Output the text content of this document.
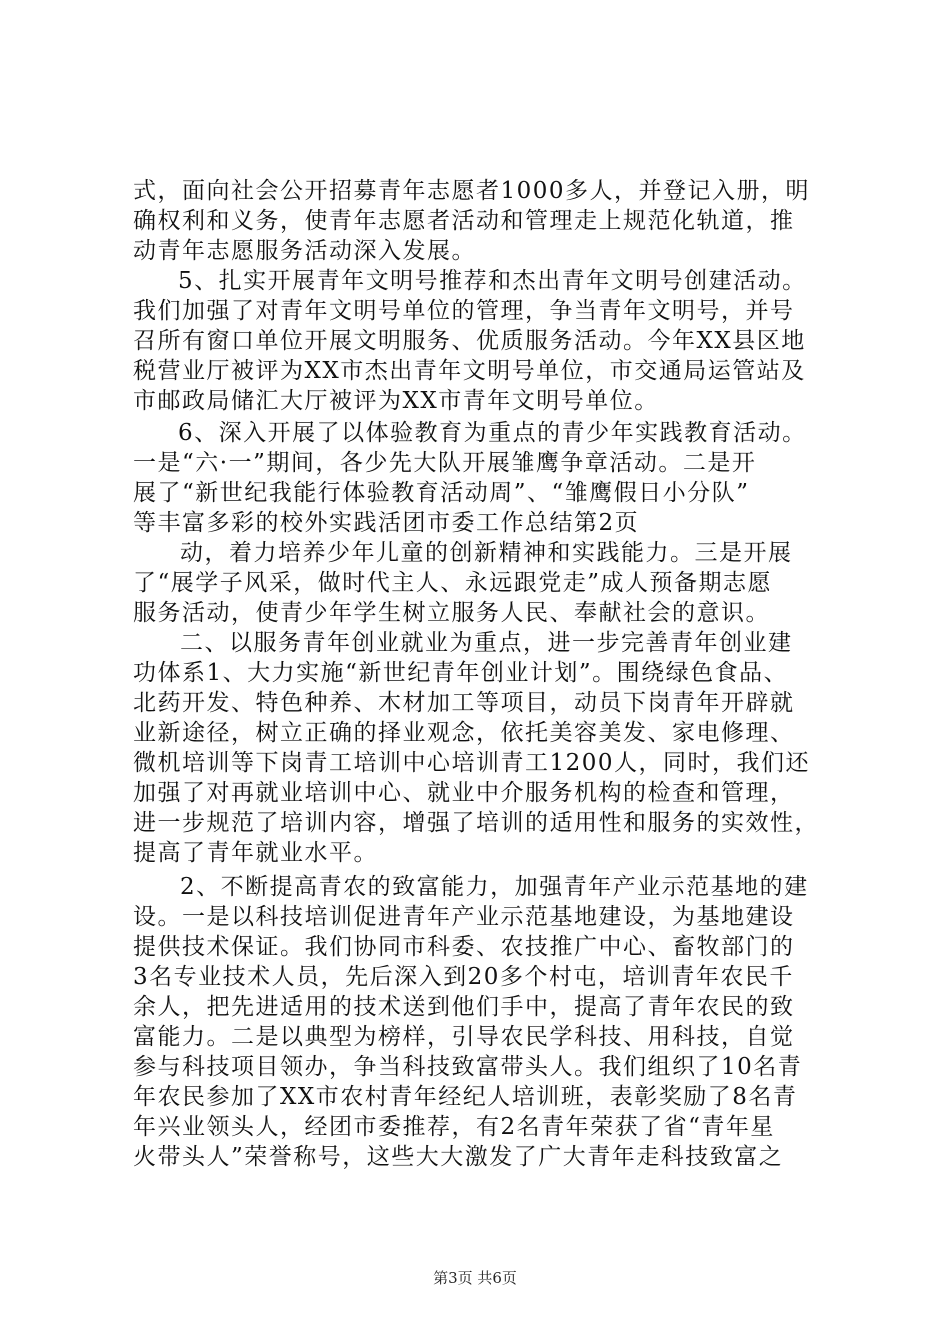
式，面向社会公开招募青年志愿者1000多人，并登记入册，明
确权利和义务，使青年志愿者活动和管理走上规范化轨道，推
动青年志愿服务活动深入发展。
5、扎实开展青年文明号推荐和杰出青年文明号创建活动。
我们加强了对青年文明号单位的管理，争当青年文明号，并号
召所有窗口单位开展文明服务、优质服务活动。今年XX县区地
税营业厅被评为XX市杰出青年文明号单位，市交通局运管站及
市邮政局储汇大厅被评为XX市青年文明号单位。
6、深入开展了以体验教育为重点的青少年实践教育活动。
一是“六·一”期间，各少先大队开展雏鹰争章活动。二是开
展了“新世纪我能行体验教育活动周”、“雏鹰假日小分队”
等丰富多彩的校外实践活团市委工作总结第2页
动，着力培养少年儿童的创新精神和实践能力。三是开展
了“展学子风采，做时代主人、永远跟党走”成人预备期志愿
服务活动，使青少年学生树立服务人民、奉献社会的意识。
二、以服务青年创业就业为重点，进一步完善青年创业建
功体系1、大力实施“新世纪青年创业计划”。围绕绿色食品、
北药开发、特色种养、木材加工等项目，动员下岗青年开辟就
业新途径，树立正确的择业观念，依托美容美发、家电修理、
微机培训等下岗青工培训中心培训青工1200人，同时，我们还
加强了对再就业培训中心、就业中介服务机构的检查和管理，
进一步规范了培训内容，增强了培训的适用性和服务的实效性，
提高了青年就业水平。
2、不断提高青农的致富能力，加强青年产业示范基地的建
设。一是以科技培训促进青年产业示范基地建设，为基地建设
提供技术保证。我们协同市科委、农技推广中心、畜牧部门的
3名专业技术人员，先后深入到20多个村屯，培训青年农民千
余人，把先进适用的技术送到他们手中，提高了青年农民的致
富能力。二是以典型为榜样，引导农民学科技、用科技，自觉
参与科技项目领办，争当科技致富带头人。我们组织了10名青
年农民参加了XX市农村青年经纪人培训班，表彰奖励了8名青
年兴业领头人，经团市委推荐，有2名青年荣获了省“青年星
火带头人”荣誉称号，这些大大激发了广大青年走科技致富之
第3页 共6页
